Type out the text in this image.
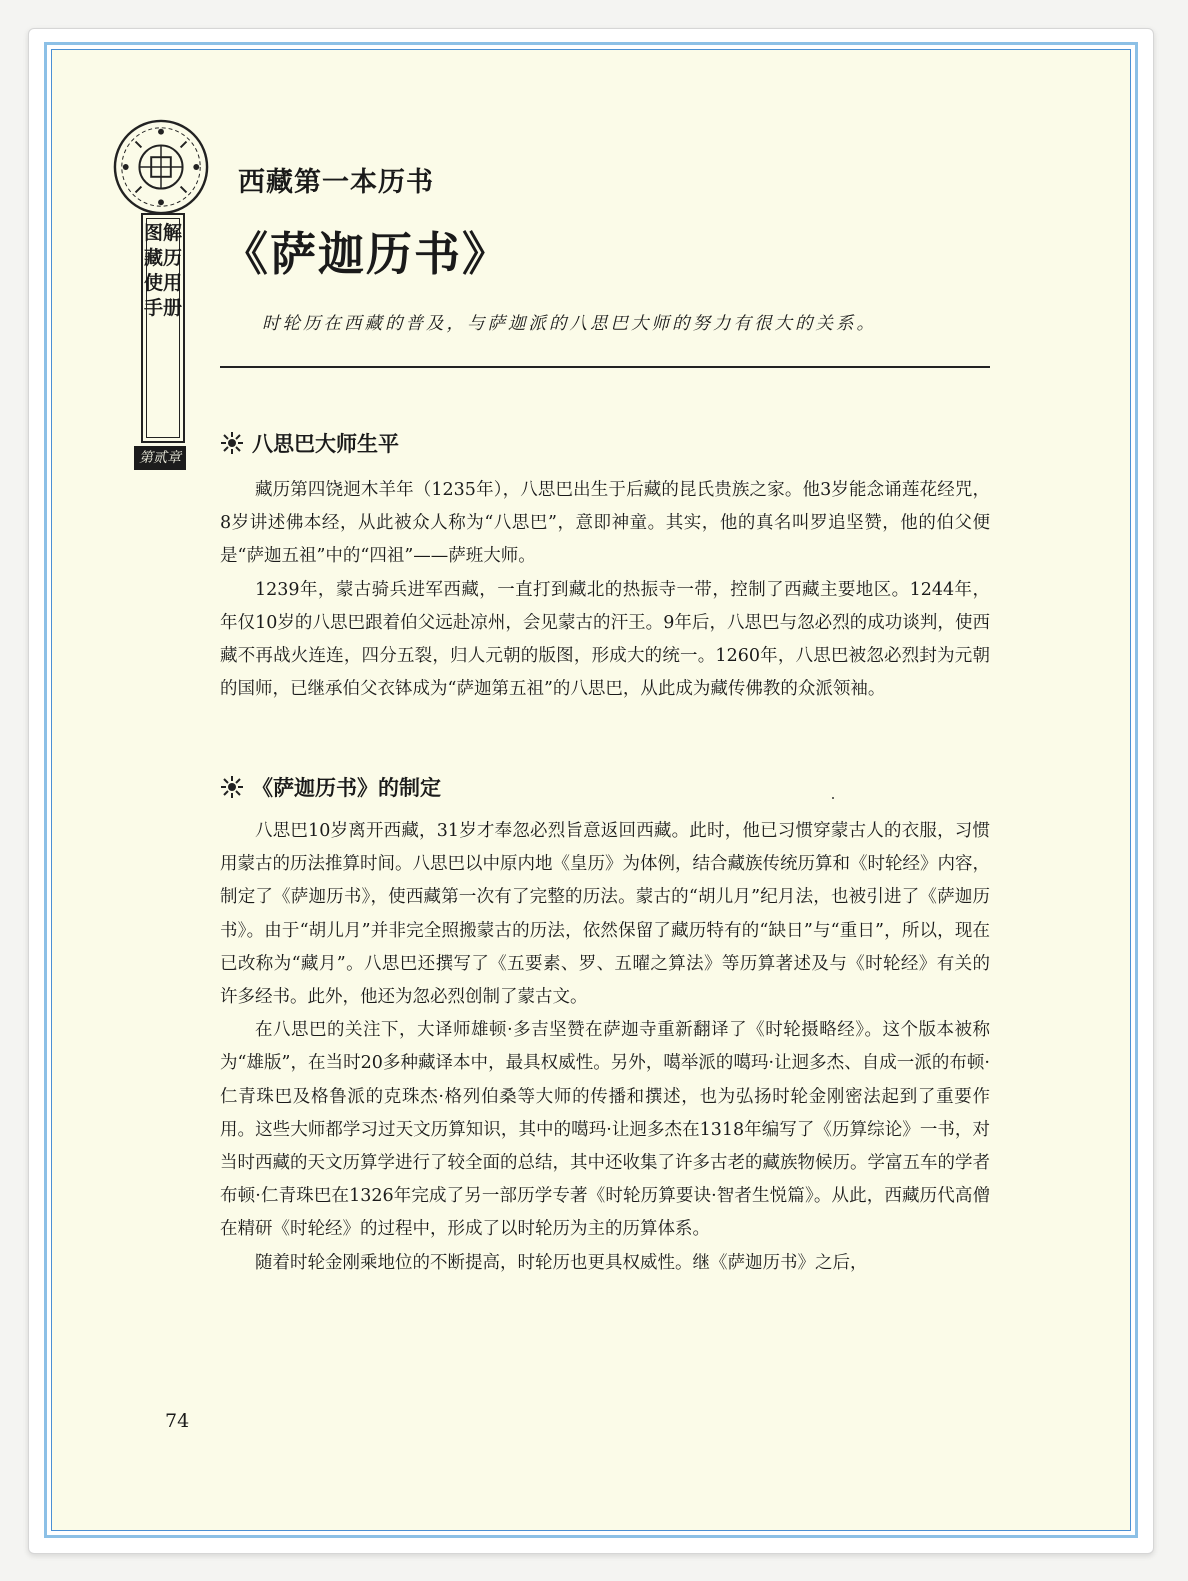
图解藏历使用手册
第贰章
西藏第一本历书
《萨迦历书》
时轮历在西藏的普及，与萨迦派的八思巴大师的努力有很大的关系。
八思巴大师生平

藏历第四饶迥木羊年（1235年），八思巴出生于后藏的昆氏贵族之家。他3岁能念诵莲花经咒，8岁讲述佛本经，从此被众人称为“八思巴”，意即神童。其实，他的真名叫罗追坚赞，他的伯父便是“萨迦五祖”中的“四祖”——萨班大师。

1239年，蒙古骑兵进军西藏，一直打到藏北的热振寺一带，控制了西藏主要地区。1244年，年仅10岁的八思巴跟着伯父远赴凉州，会见蒙古的汗王。9年后，八思巴与忽必烈的成功谈判，使西藏不再战火连连，四分五裂，归人元朝的版图，形成大的统一。1260年，八思巴被忽必烈封为元朝的国师，已继承伯父衣钵成为“萨迦第五祖”的八思巴，从此成为藏传佛教的众派领袖。

《萨迦历书》的制定

八思巴10岁离开西藏，31岁才奉忽必烈旨意返回西藏。此时，他已习惯穿蒙古人的衣服，习惯用蒙古的历法推算时间。八思巴以中原内地《皇历》为体例，结合藏族传统历算和《时轮经》内容，制定了《萨迦历书》，使西藏第一次有了完整的历法。蒙古的“胡儿月”纪月法，也被引进了《萨迦历书》。由于“胡儿月”并非完全照搬蒙古的历法，依然保留了藏历特有的“缺日”与“重日”，所以，现在已改称为“藏月”。八思巴还撰写了《五要素、罗、五曜之算法》等历算著述及与《时轮经》有关的许多经书。此外，他还为忽必烈创制了蒙古文。

在八思巴的关注下，大译师雄顿·多吉坚赞在萨迦寺重新翻译了《时轮摄略经》。这个版本被称为“雄版”，在当时20多种藏译本中，最具权威性。另外，噶举派的噶玛·让迥多杰、自成一派的布顿·仁青珠巴及格鲁派的克珠杰·格列伯桑等大师的传播和撰述，也为弘扬时轮金刚密法起到了重要作用。这些大师都学习过天文历算知识，其中的噶玛·让迥多杰在1318年编写了《历算综论》一书，对当时西藏的天文历算学进行了较全面的总结，其中还收集了许多古老的藏族物候历。学富五车的学者布顿·仁青珠巴在1326年完成了另一部历学专著《时轮历算要诀·智者生悦篇》。从此，西藏历代高僧在精研《时轮经》的过程中，形成了以时轮历为主的历算体系。

随着时轮金刚乘地位的不断提高，时轮历也更具权威性。继《萨迦历书》之后，

74
